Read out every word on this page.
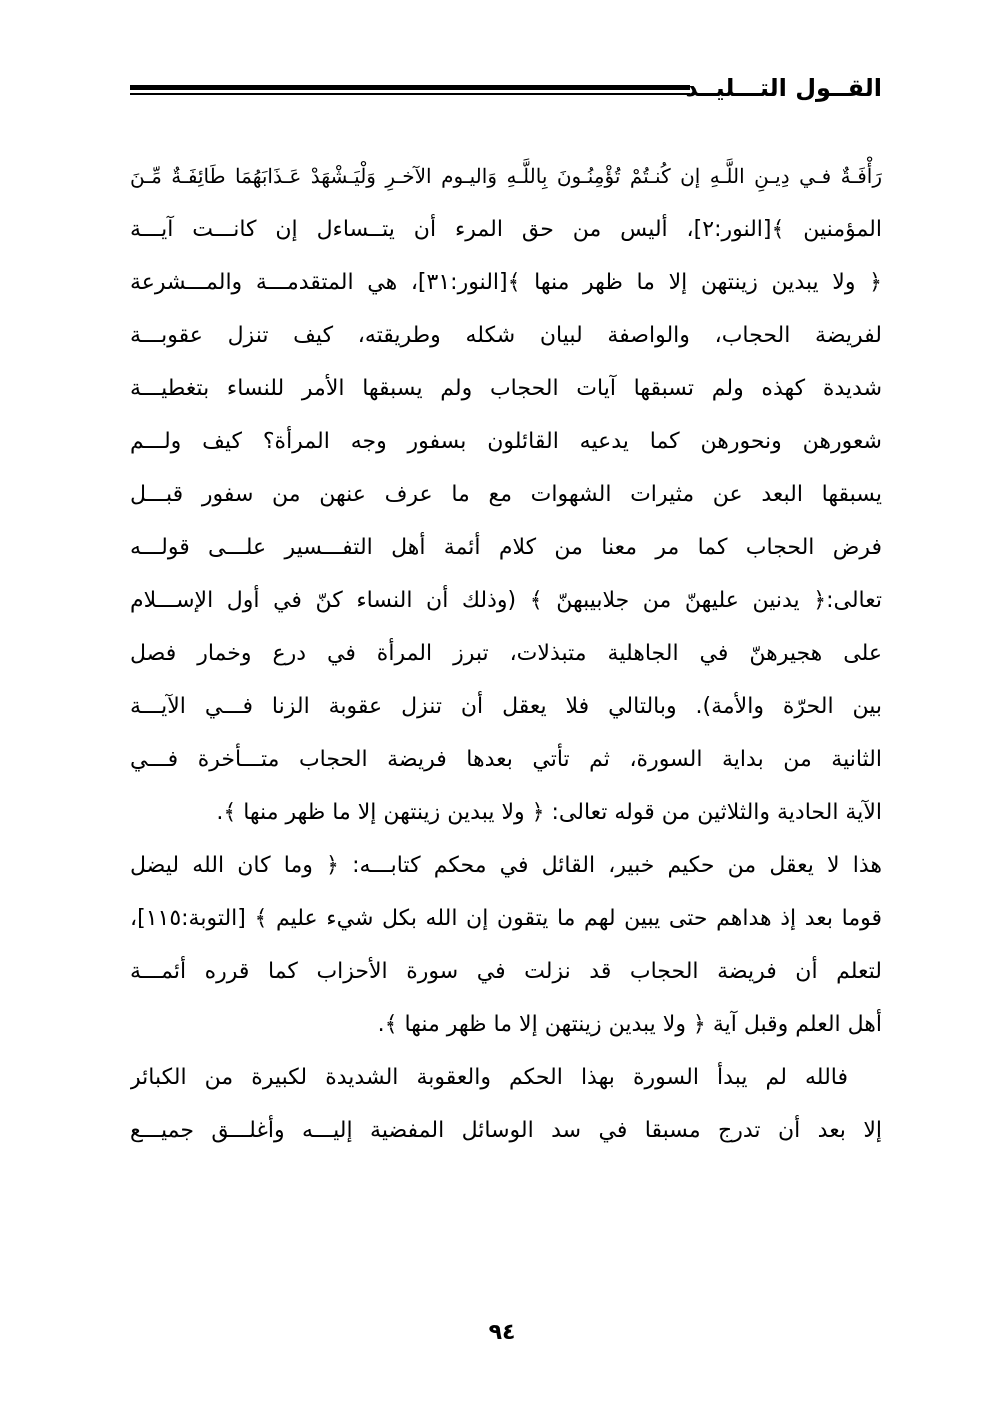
القــول التـــليــد
رَأْفَـةٌ فـي دِيـنِ اللَّـهِ إن كُنـتُمْ تُؤْمِنُـونَ بِاللَّـهِ وَاليـوم الآخـرِ وَلْيَـشْهَدْ عَـذَابَهُمَا طَائِفَـةٌ مِّـنَ
المؤمنين ﴾[النور:٢]، أليس من حق المرء أن يتــساءل إن كانـــت آيـــة
﴿ ولا يبدين زينتهن إلا ما ظهر منها ﴾[النور:٣١]، هي المتقدمـــة والمـــشرعة
لفريضة الحجاب، والواصفة لبيان شكله وطريقته، كيف تنزل عقوبـــة
شديدة كهذه ولم تسبقها آيات الحجاب ولم يسبقها الأمر للنساء بتغطيـــة
شعورهن ونحورهن كما يدعيه القائلون بسفور وجه المرأة؟ كيف ولـــم
يسبقها البعد عن مثيرات الشهوات مع ما عرف عنهن من سفور قبـــل
فرض الحجاب كما مر معنا من كلام أئمة أهل التفـــسير علـــى قولـــه
تعالى:﴿ يدنين عليهنّ من جلابيبهنّ ﴾ (وذلك أن النساء كنّ في أول الإســـلام
على هجيرهنّ في الجاهلية متبذلات، تبرز المرأة في درع وخمار فصل
بين الحرّة والأمة). وبالتالي فلا يعقل أن تنزل عقوبة الزنا فـــي الآيـــة
الثانية من بداية السورة، ثم تأتي بعدها فريضة الحجاب متـــأخرة فـــي
الآية الحادية والثلاثين من قوله تعالى: ﴿ ولا يبدين زينتهن إلا ما ظهر منها ﴾.
هذا لا يعقل من حكيم خبير، القائل في محكم كتابـــه: ﴿ وما كان الله ليضل
قوما بعد إذ هداهم حتى يبين لهم ما يتقون إن الله بكل شيء عليم ﴾ [التوبة:١١٥]،
لتعلم أن فريضة الحجاب قد نزلت في سورة الأحزاب كما قرره أئمـــة
أهل العلم وقبل آية ﴿ ولا يبدين زينتهن إلا ما ظهر منها ﴾.
فالله لم يبدأ السورة بهذا الحكم والعقوبة الشديدة لكبيرة من الكبائر
إلا بعد أن تدرج مسبقا في سد الوسائل المفضية إليـــه وأغلـــق جميـــع
٩٤
